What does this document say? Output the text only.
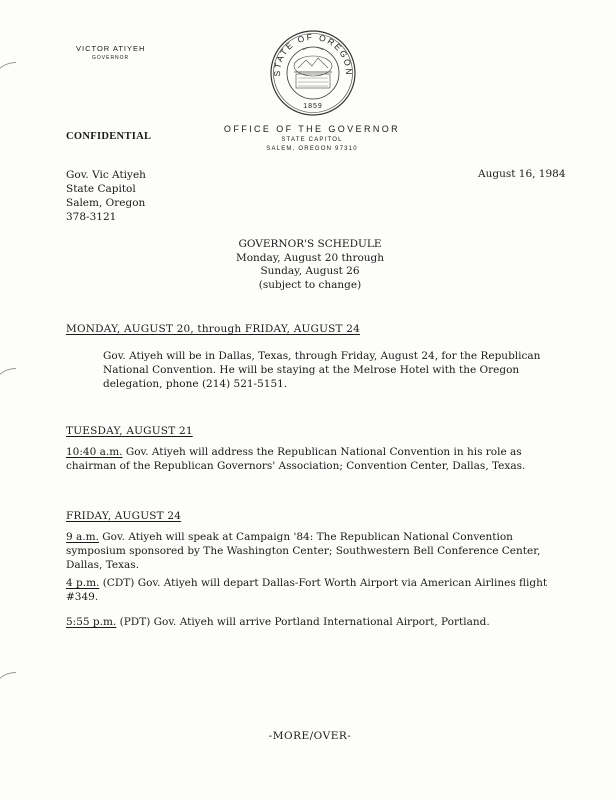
VICTOR ATIYEH
GOVERNOR
STATE OF OREGON
1859
OFFICE OF THE GOVERNOR
STATE CAPITOL
SALEM, OREGON 97310
CONFIDENTIAL
Gov. Vic Atiyeh
State Capitol
Salem, Oregon
378-3121
August 16, 1984
GOVERNOR'S SCHEDULE
Monday, August 20 through
Sunday, August 26
(subject to change)
MONDAY, AUGUST 20, through FRIDAY, AUGUST 24
Gov. Atiyeh will be in Dallas, Texas, through Friday, August 24, for the Republican National Convention. He will be staying at the Melrose Hotel with the Oregon delegation, phone (214) 521-5151.
TUESDAY, AUGUST 21
10:40 a.m. Gov. Atiyeh will address the Republican National Convention in his role as chairman of the Republican Governors' Association; Convention Center, Dallas, Texas.
FRIDAY, AUGUST 24
9 a.m. Gov. Atiyeh will speak at Campaign '84: The Republican National Convention symposium sponsored by The Washington Center; Southwestern Bell Conference Center, Dallas, Texas.
4 p.m. (CDT) Gov. Atiyeh will depart Dallas-Fort Worth Airport via American Airlines flight #349.
5:55 p.m. (PDT) Gov. Atiyeh will arrive Portland International Airport, Portland.
-MORE/OVER-
